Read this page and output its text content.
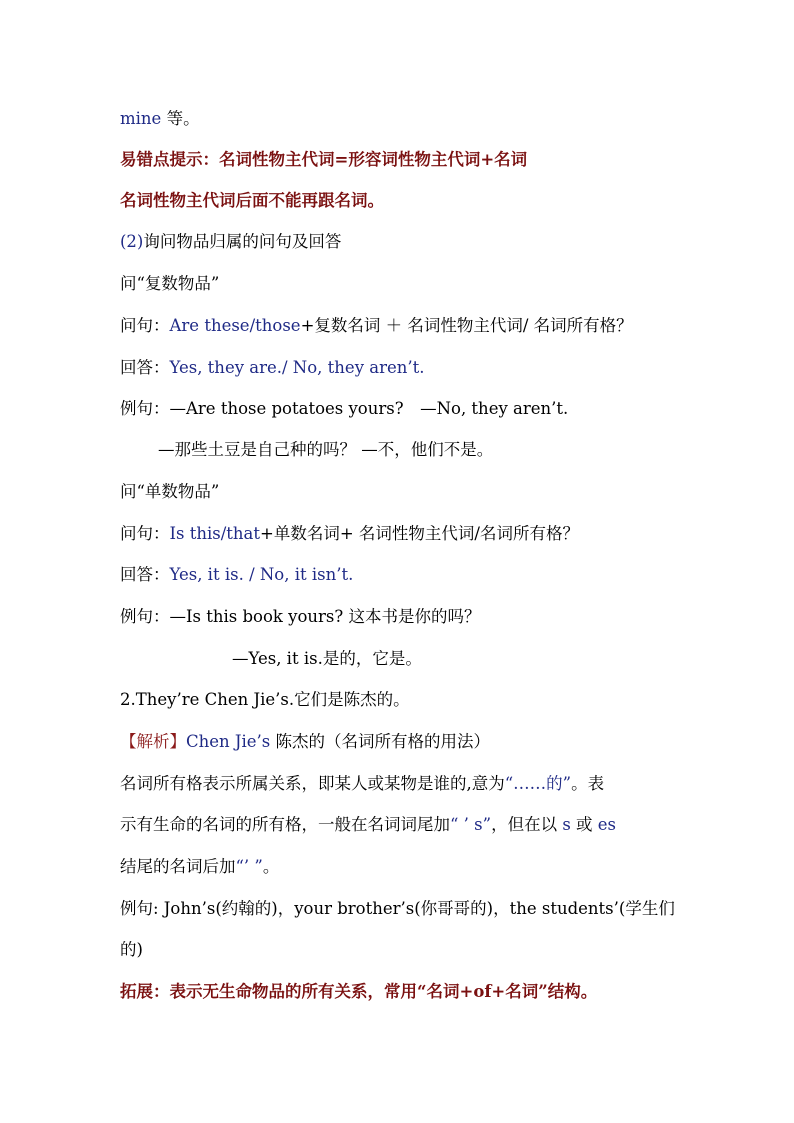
mine 等。
易错点提示：名词性物主代词=形容词性物主代词+名词
名词性物主代词后面不能再跟名词。
(2)询问物品归属的问句及回答
问“复数物品”
问句：Are these/those+复数名词 ＋ 名词性物主代词/ 名词所有格？
回答：Yes, they are./ No, they aren’t.
例句：—Are those potatoes yours?　—No, they aren’t.
—那些土豆是自己种的吗？ —不，他们不是。
问“单数物品”
问句：Is this/that+单数名词+ 名词性物主代词/名词所有格？
回答：Yes, it is. / No, it isn’t.
例句：—Is this book yours? 这本书是你的吗？
—Yes, it is.是的，它是。
2.They’re Chen Jie’s.它们是陈杰的。
【解析】Chen Jie’s 陈杰的（名词所有格的用法）
名词所有格表示所属关系，即某人或某物是谁的,意为“……的”。表
示有生命的名词的所有格，一般在名词词尾加“ ’ s”，但在以 s 或 es
结尾的名词后加“’ ”。
例句: John’s(约翰的)，your brother’s(你哥哥的)，the students’(学生们
的)
拓展：表示无生命物品的所有关系，常用“名词+of+名词”结构。
